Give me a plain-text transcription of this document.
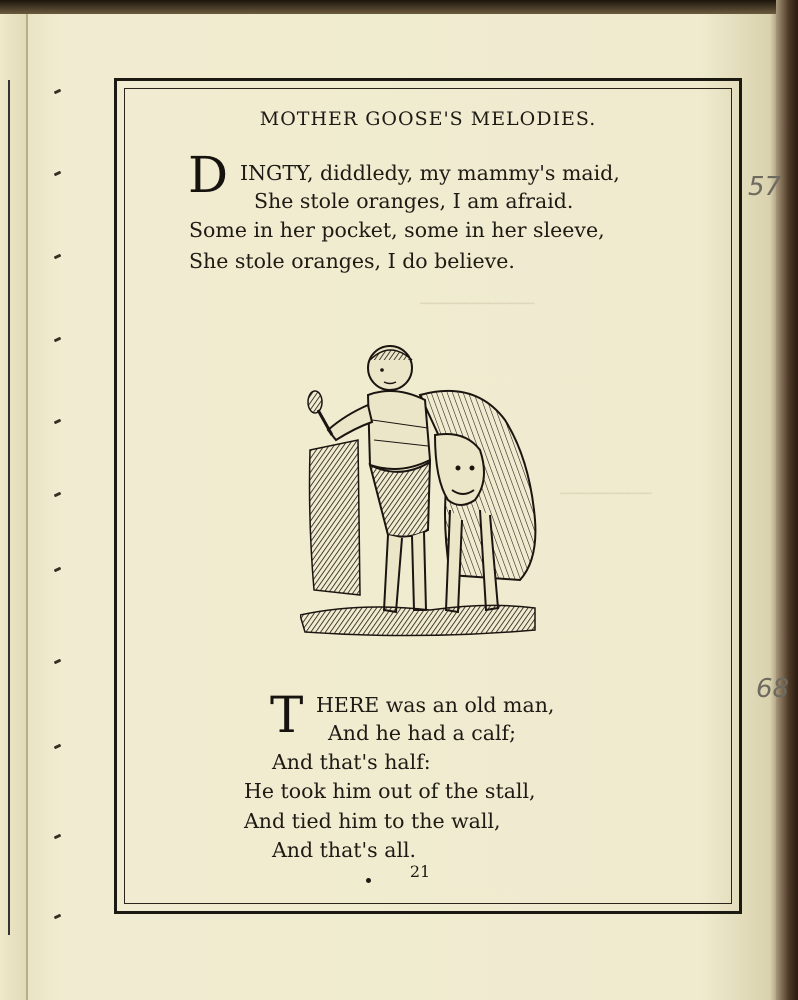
──────────
────────
MOTHER GOOSE'S MELODIES.
D INGTY, diddledy, my mammy's maid,
She stole oranges, I am afraid.
Some in her pocket, some in her sleeve,
She stole oranges, I do believe.
T HERE was an old man,
And he had a calf;
And that's half:
He took him out of the stall,
And tied him to the wall,
And that's all.
21
57
68
